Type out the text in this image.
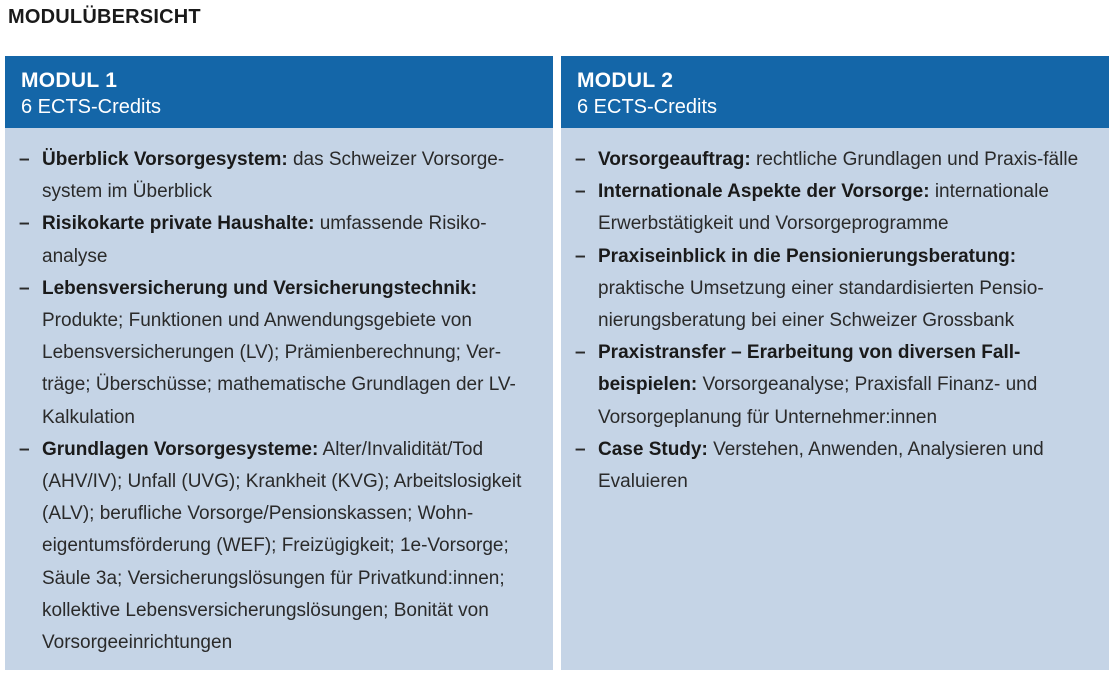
MODULÜBERSICHT
MODUL 1
6 ECTS-Credits
– Überblick Vorsorgesystem: das Schweizer Vorsorge-system im Überblick
– Risikokarte private Haushalte: umfassende Risiko-analyse
– Lebensversicherung und Versicherungstechnik: Produkte; Funktionen und Anwendungsgebiete von Lebensversicherungen (LV); Prämienberechnung; Ver-träge; Überschüsse; mathematische Grundlagen der LV-Kalkulation
– Grundlagen Vorsorgesysteme: Alter/Invalidität/Tod (AHV/IV); Unfall (UVG); Krankheit (KVG); Arbeitslosigkeit (ALV); berufliche Vorsorge/Pensionskassen; Wohn-eigentumsförderung (WEF); Freizügigkeit; 1e-Vorsorge; Säule 3a; Versicherungslösungen für Privatkund:innen; kollektive Lebensversicherungslösungen; Bonität von Vorsorgeeinrichtungen
MODUL 2
6 ECTS-Credits
– Vorsorgeauftrag: rechtliche Grundlagen und Praxis-fälle
– Internationale Aspekte der Vorsorge: internationale Erwerbstätigkeit und Vorsorgeprogramme
– Praxiseinblick in die Pensionierungsberatung: praktische Umsetzung einer standardisierten Pensio-nierungsberatung bei einer Schweizer Grossbank
– Praxistransfer – Erarbeitung von diversen Fall-beispielen: Vorsorgeanalyse; Praxisfall Finanz- und Vorsorgeplanung für Unternehmer:innen
– Case Study: Verstehen, Anwenden, Analysieren und Evaluieren
